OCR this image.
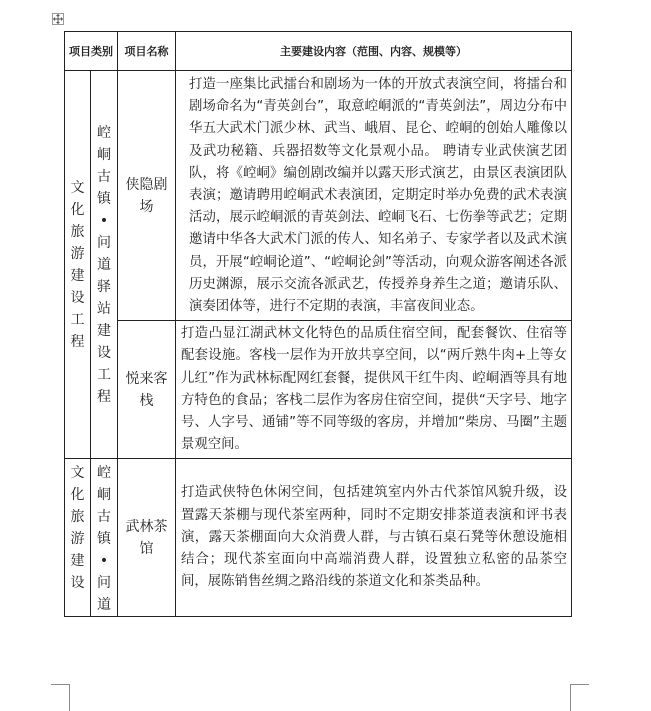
项目类别		项目名称	主要建设内容（范围、内容、规模等）

文化旅游建设工程	崆峒古镇•问道驿站建设工程	侠隐剧场	打造一座集比武擂台和剧场为一体的开放式表演空间，将擂台和剧场命名为“青英剑台”，取意崆峒派的“青英剑法”，周边分布中华五大武术门派少林、武当、峨眉、昆仑、崆峒的创始人雕像以及武功秘籍、兵器招数等文化景观小品。 聘请专业武侠演艺团队，将《崆峒》编创剧改编并以露天形式演艺，由景区表演团队表演；邀请聘用崆峒武术表演团，定期定时举办免费的武术表演活动，展示崆峒派的青英剑法、崆峒飞石、七伤拳等武艺；定期邀请中华各大武术门派的传人、知名弟子、专家学者以及武术演员，开展“崆峒论道”、“崆峒论剑”等活动，向观众游客阐述各派历史渊源，展示交流各派武艺，传授养身养生之道；邀请乐队、演奏团体等，进行不定期的表演，丰富夜间业态。

		悦来客栈	打造凸显江湖武林文化特色的品质住宿空间，配套餐饮、住宿等配套设施。客栈一层作为开放共享空间，以“两斤熟牛肉+上等女儿红”作为武林标配网红套餐，提供风干红牛肉、崆峒酒等具有地方特色的食品；客栈二层作为客房住宿空间，提供“天字号、地字号、人字号、通铺”等不同等级的客房，并增加“柴房、马圈”主题景观空间。

文化旅游建设	崆峒古镇•问道	武林茶馆	打造武侠特色休闲空间，包括建筑室内外古代茶馆风貌升级，设置露天茶棚与现代茶室两种，同时不定期安排茶道表演和评书表演，露天茶棚面向大众消费人群，与古镇石桌石凳等休憩设施相结合；现代茶室面向中高端消费人群，设置独立私密的品茶空间，展陈销售丝绸之路沿线的茶道文化和茶类品种。
